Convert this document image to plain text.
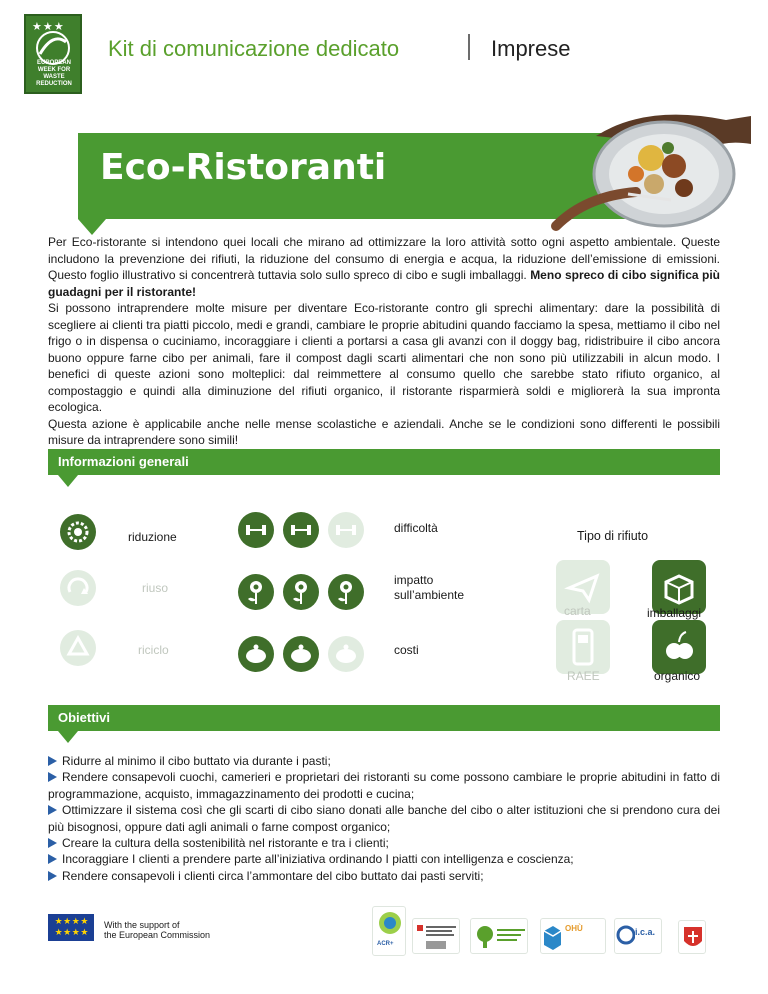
★ ★ ★
EUROPEAN WEEK FOR WASTE REDUCTION
Kit di comunicazione dedicato	Imprese
Eco-Ristoranti

Per Eco-ristorante si intendono quei locali che mirano ad ottimizzare la loro attività sotto ogni aspetto ambientale. Queste includono la prevenzione dei rifiuti, la riduzione del consumo di energia e acqua, la riduzione dell’emissione di emissioni. Questo foglio illustrativo si concentrerà tuttavia solo sullo spreco di cibo e sugli imballaggi. Meno spreco di cibo significa più guadagni per il ristorante!

Si possono intraprendere molte misure per diventare Eco-ristorante contro gli sprechi alimentary: dare la possibilità di scegliere ai clienti tra piatti piccolo, medi e grandi, cambiare le proprie abitudini quando facciamo la spesa, mettiamo il cibo nel frigo o in dispensa o cuciniamo, incoraggiare i clienti a portarsi a casa gli avanzi con il doggy bag, ridistribuire il cibo ancora buono oppure farne cibo per animali, fare il compost dagli scarti alimentari che non sono più utilizzabili in alcun modo. I benefici di queste azioni sono molteplici: dal reimmettere al consumo quello che sarebbe stato rifiuto organico, al compostaggio e quindi alla diminuzione del rifiuti organico, il ristorante risparmierà soldi e migliorerà la sua impronta ecologica.

Questa azione è applicabile anche nelle mense scolastiche e aziendali. Anche se le condizioni sono differenti le possibili misure da intraprendere sono simili!

Informazioni generali
riduzione
riuso
riciclo
difficoltà
impatto sull’ambiente
costi
Tipo di rifiuto
carta	imballaggi
RAEE	organico
Obiettivi

Ridurre al minimo il cibo buttato via durante i pasti;

Rendere consapevoli cuochi, camerieri e proprietari dei ristoranti su come possono cambiare le proprie abitudini in fatto di programmazione, acquisto, immagazzinamento dei prodotti e cucina;

Ottimizzare il sistema così che gli scarti di cibo siano donati alle banche del cibo o alter istituzioni che si prendono cura dei più bisognosi, oppure dati agli animali o farne compost organico;

Creare la cultura della sostenibilità nel ristorante e tra i clienti;

Incoraggiare I clienti a prendere parte all’iniziativa ordinando I piatti con intelligenza e coscienza;

Rendere consapevoli i clienti circa l’ammontare del cibo buttato dai pasti serviti;

★ ★ ★ ★
★ ★ ★ ★
With the support of
the European Commission
ACR+
OHÙ	i.c.a.
